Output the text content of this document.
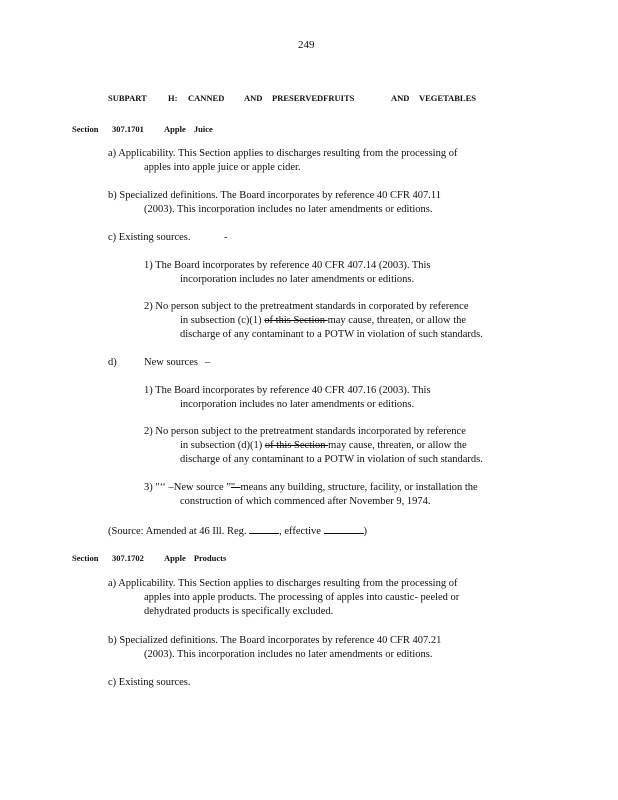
249
SUBPART	H: CANNED AND PRESERVEDFRUITS	AND VEGETABLES
Section 307.1701 Apple Juice
a) Applicability. This Section applies to discharges resulting from the processing of
apples into apple juice or apple cider.
b) Specialized definitions. The Board incorporates by reference 40 CFR 407.11
(2003). This incorporation includes no later amendments or editions.
c) Existing sources.	-
1) The Board incorporates by reference 40 CFR 407.14 (2003). This
incorporation includes no later amendments or editions.
2) No person subject to the pretreatment standards in corporated by reference
in subsection (c)(1) of this Section may cause, threaten, or allow the
discharge of any contaminant to a POTW in violation of such standards.
d)	New sources –
1) The Board incorporates by reference 40 CFR 407.16 (2003). This
incorporation includes no later amendments or editions.
2) No person subject to the pretreatment standards incorporated by reference
in subsection (d)(1) of this Section may cause, threaten, or allow the
discharge of any contaminant to a POTW in violation of such standards.
3) "‘‘ –New source ”"–means any building, structure, facility, or installation the
construction of which commenced after November 9, 1974.
(Source: Amended at 46 Ill. Reg.	, effective	)
Section 307.1702 Apple Products
a) Applicability. This Section applies to discharges resulting from the processing of
apples into apple products. The processing of apples into caustic- peeled or
dehydrated products is specifically excluded.
b) Specialized definitions. The Board incorporates by reference 40 CFR 407.21
(2003). This incorporation includes no later amendments or editions.
c) Existing sources.
